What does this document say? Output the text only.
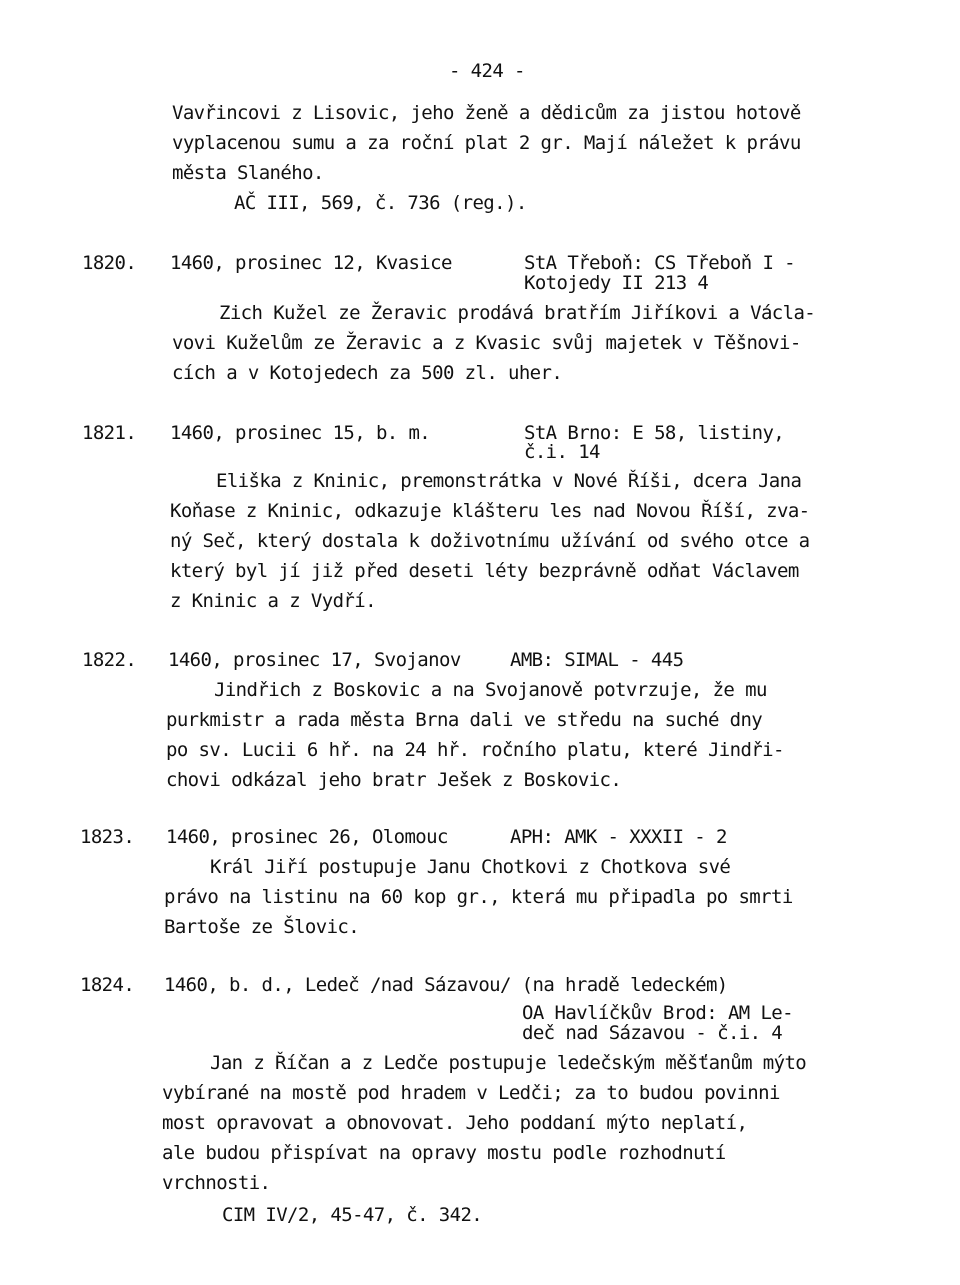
- 424 -
Vavřincovi z Lisovic, jeho ženě a dědicům za jistou hotově
vyplacenou sumu a za roční plat 2 gr. Mají náležet k právu
města Slaného.
AČ III, 569, č. 736 (reg.).
1820. 1460, prosinec 12, Kvasice	StA Třeboň: CS Třeboň I -
Kotojedy II 213 4
Zich Kužel ze Žeravic prodává bratřím Jiříkovi a Václa-
vovi Kuželům ze Žeravic a z Kvasic svůj majetek v Těšnovi-
cích a v Kotojedech za 500 zl. uher.
1821. 1460, prosinec 15, b. m.	StA Brno: E 58, listiny,
č.i. 14
Eliška z Kninic, premonstrátka v Nové Říši, dcera Jana
Koňase z Kninic, odkazuje klášteru les nad Novou Říší, zva-
ný Seč, který dostala k doživotnímu užívání od svého otce a
který byl jí již před deseti léty bezprávně odňat Václavem
z Kninic a z Vydří.
1822. 1460, prosinec 17, Svojanov	AMB: SIMAL - 445
Jindřich z Boskovic a na Svojanově potvrzuje, že mu
purkmistr a rada města Brna dali ve středu na suché dny
po sv. Lucii 6 hř. na 24 hř. ročního platu, které Jindři-
chovi odkázal jeho bratr Ješek z Boskovic.
1823. 1460, prosinec 26, Olomouc	APH: AMK - XXXII - 2
Král Jiří postupuje Janu Chotkovi z Chotkova své
právo na listinu na 60 kop gr., která mu připadla po smrti
Bartoše ze Šlovic.
1824. 1460, b. d., Ledeč /nad Sázavou/ (na hradě ledeckém)
OA Havlíčkův Brod: AM Le-
deč nad Sázavou - č.i. 4
Jan z Říčan a z Ledče postupuje ledečským měšťanům mýto
vybírané na mostě pod hradem v Ledči; za to budou povinni
most opravovat a obnovovat. Jeho poddaní mýto neplatí,
ale budou přispívat na opravy mostu podle rozhodnutí
vrchnosti.
CIM IV/2, 45-47, č. 342.
